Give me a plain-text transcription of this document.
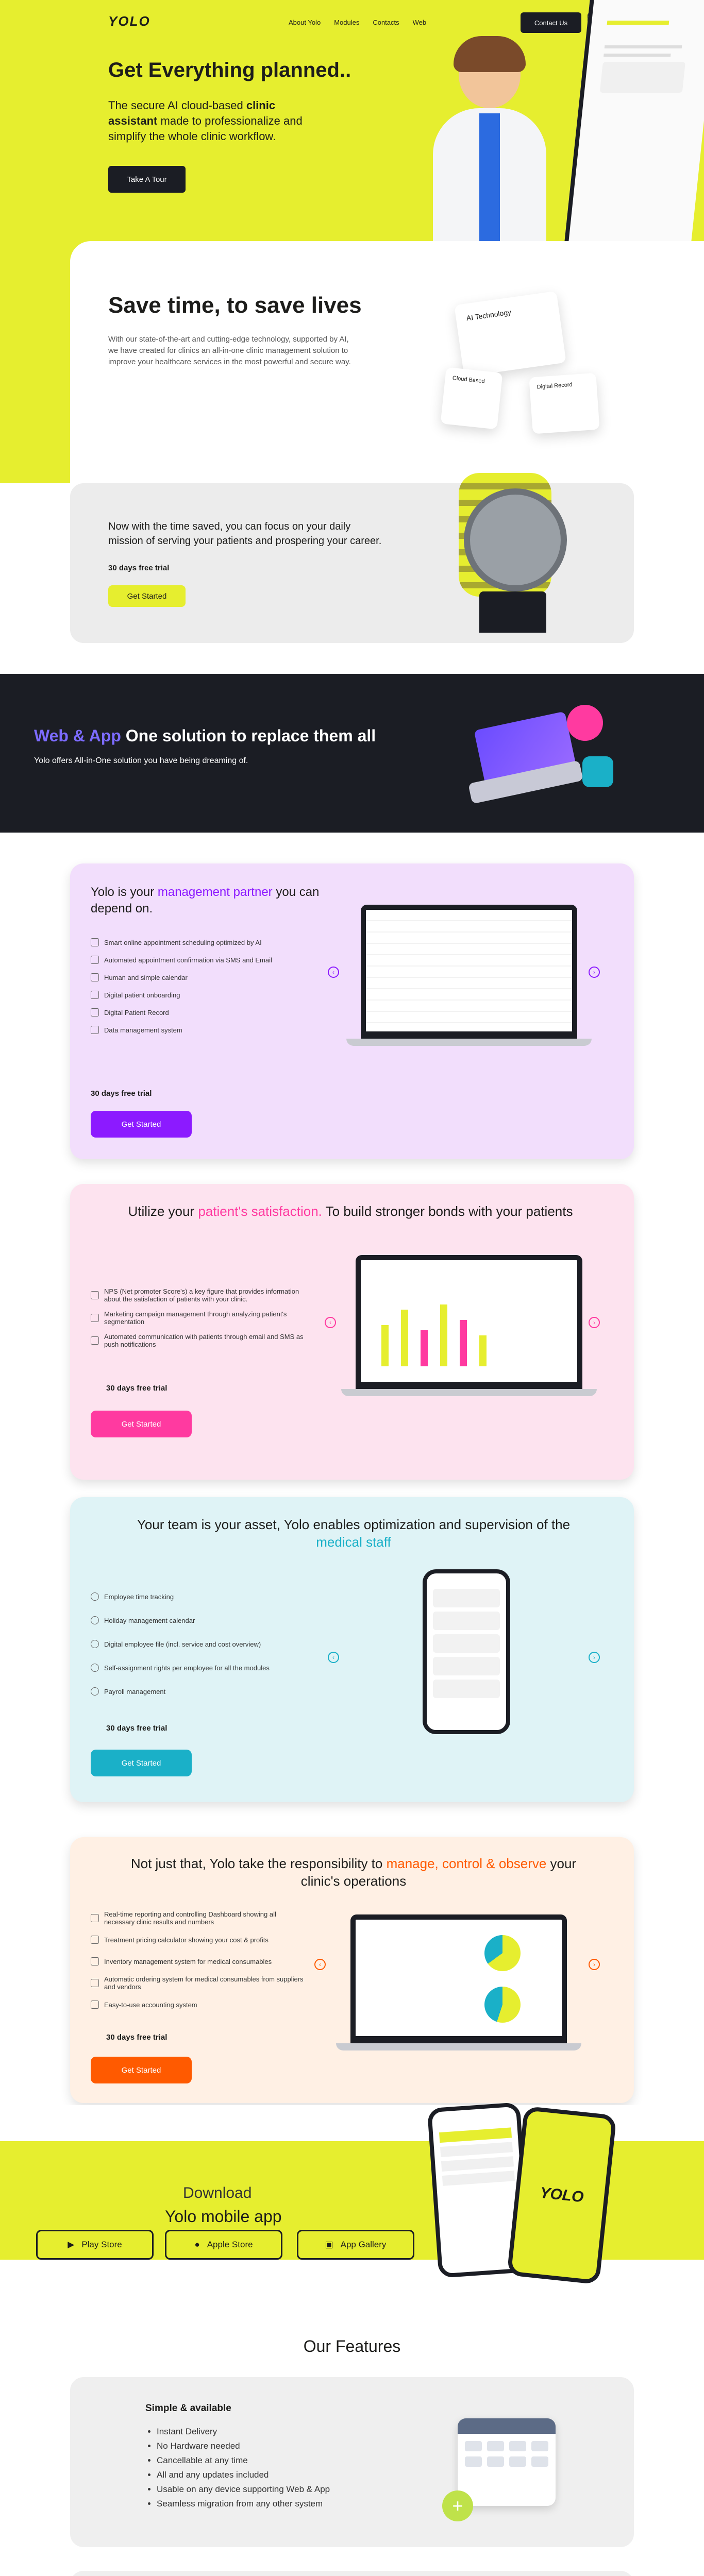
YOLO	About Yolo Modules Contacts Web	Contact Us
Get Everything planned..

The secure AI cloud-based clinic assistant made to professionalize and simplify the whole clinic workflow.

Take A Tour
Save time, to save lives

With our state-of-the-art and cutting-edge technology, supported by AI, we have created for clinics an all-in-one clinic management solution to improve your healthcare services in the most powerful and secure way.

AI Technology
Cloud Based
Digital Record

Now with the time saved, you can focus on your daily mission of serving your patients and prospering your career.

30 days free trial

Get Started
Web & App One solution to replace them all

Yolo offers All-in-One solution you have being dreaming of.

Yolo is your management partner you can depend on.
Smart online appointment scheduling optimized by AI
Automated appointment confirmation via SMS and Email
Human and simple calendar
Digital patient onboarding
Digital Patient Record
Data management system

30 days free trial

Get Started
‹	›
Utilize your patient's satisfaction. To build stronger bonds with your patients
NPS (Net promoter Score's) a key figure that provides information about the satisfaction of patients with your clinic.
Marketing campaign management through analyzing patient's segmentation
Automated communication with patients through email and SMS as push notifications

30 days free trial

Get Started
‹	›
Your team is your asset, Yolo enables optimization and supervision of the medical staff
Employee time tracking
Holiday management calendar
Digital employee file (incl. service and cost overview)
Self-assignment rights per employee for all the modules
Payroll management

30 days free trial

Get Started
‹	›
Not just that, Yolo take the responsibility to manage, control & observe your clinic's operations
Real-time reporting and controlling Dashboard showing all necessary clinic results and numbers
Treatment pricing calculator showing your cost & profits
Inventory management system for medical consumables
Automatic ordering system for medical consumables from suppliers and vendors
Easy-to-use accounting system

30 days free trial

Get Started
‹	›

Download

Yolo mobile app
YOLO
▶ Play Store	● Apple Store	▣ App Gallery
Our Features
Simple & available
• Instant Delivery
• No Hardware needed
• Cancellable at any time
• All and any updates included
• Usable on any device supporting Web & App
• Seamless migration from any other system	+
